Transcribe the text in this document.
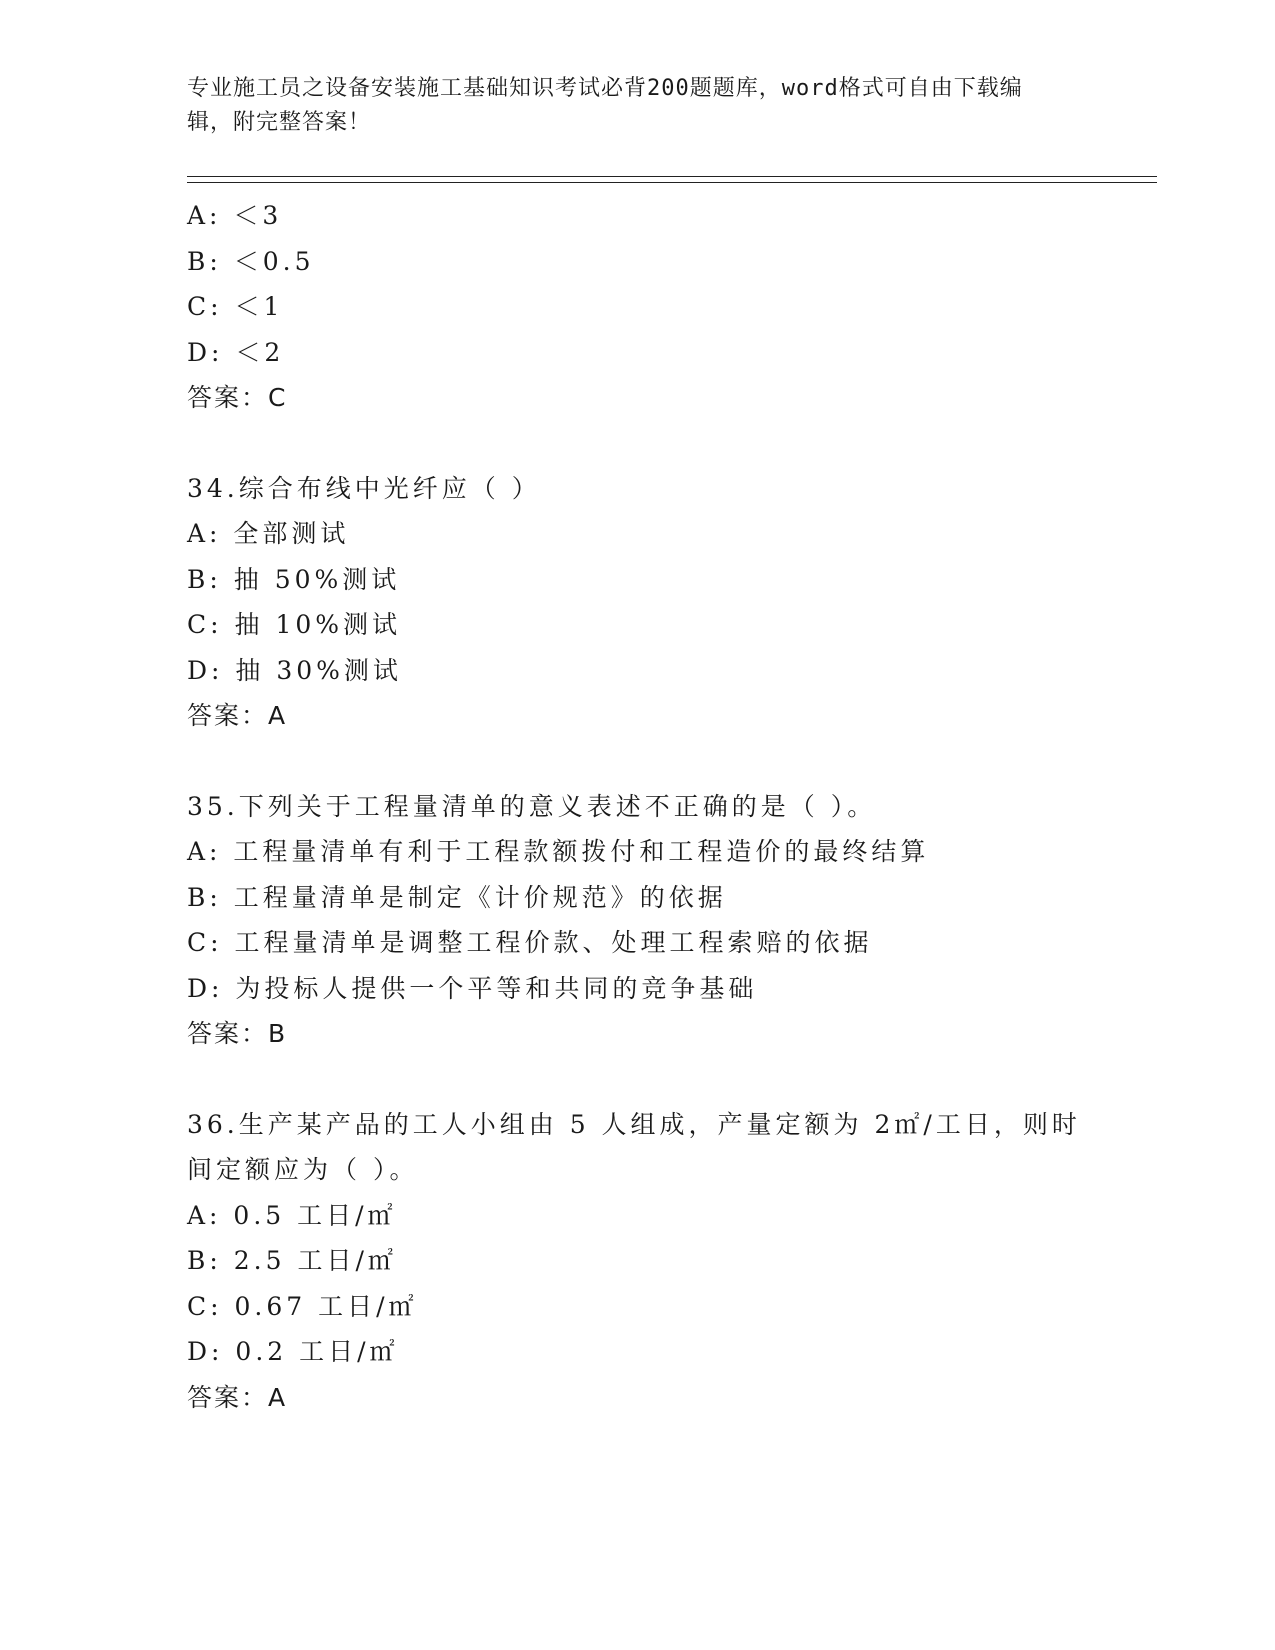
专业施工员之设备安装施工基础知识考试必背200题题库，word格式可自由下载编辑，附完整答案！

A: ＜3

B: ＜0.5

C: ＜1

D: ＜2

答案：C

34.综合布线中光纤应（ ）

A: 全部测试

B: 抽 50%测试

C: 抽 10%测试

D: 抽 30%测试

答案：A

35.下列关于工程量清单的意义表述不正确的是（ ）。

A: 工程量清单有利于工程款额拨付和工程造价的最终结算

B: 工程量清单是制定《计价规范》的依据

C: 工程量清单是调整工程价款、处理工程索赔的依据

D: 为投标人提供一个平等和共同的竞争基础

答案：B

36.生产某产品的工人小组由 5 人组成，产量定额为 2㎡/工日，则时间定额应为（ ）。

A: 0.5 工日/㎡

B: 2.5 工日/㎡

C: 0.67 工日/㎡

D: 0.2 工日/㎡

答案：A
